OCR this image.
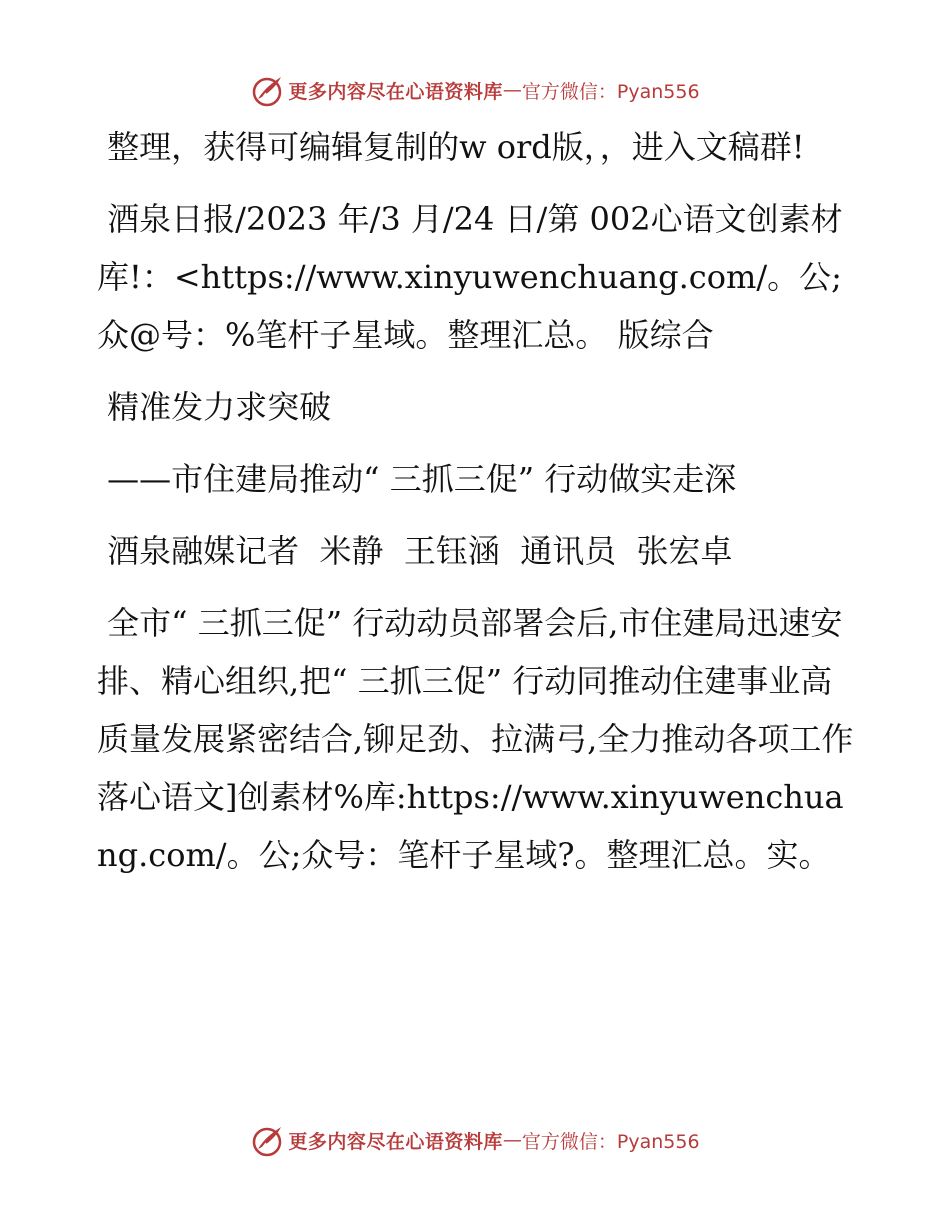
更多内容尽在心语资料库 — 官方微信：Pyan556

整理，获得可编辑复制的w ord版，，进入文稿群!

酒泉日报/2023 年/3 月/24 日/第 002心语文创素材库!：<https://www.xinyuwenchuang.com/。公;众@号：%笔杆子星域。整理汇总。 版综合

精准发力求突破

——市住建局推动“ 三抓三促” 行动做实走深

酒泉融媒记者  米静  王钰涵  通讯员  张宏卓

全市“ 三抓三促” 行动动员部署会后,市住建局迅速安排、精心组织,把“ 三抓三促” 行动同推动住建事业高质量发展紧密结合,铆足劲、拉满弓,全力推动各项工作落心语文]创素材%库:https://www.xinyuwenchuang.com/。公;众号：笔杆子星域?。整理汇总。实。

更多内容尽在心语资料库 — 官方微信：Pyan556
